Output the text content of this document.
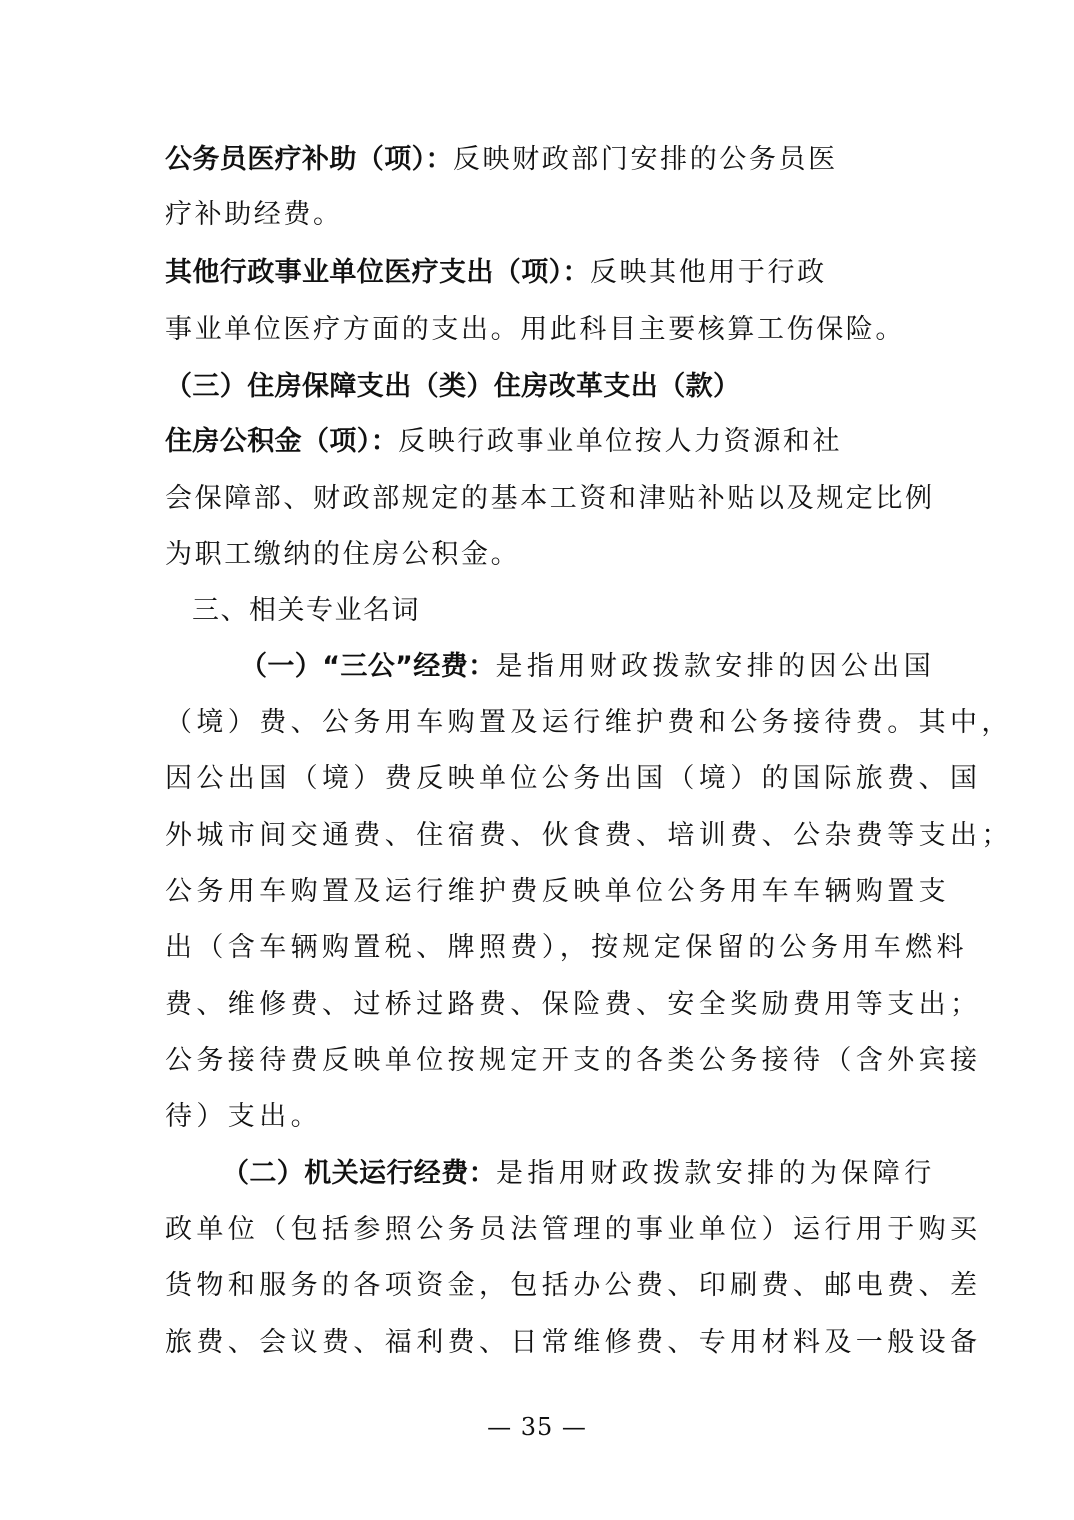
公务员医疗补助（项）：反映财政部门安排的公务员医
疗补助经费。
其他行政事业单位医疗支出（项）：反映其他用于行政
事业单位医疗方面的支出。用此科目主要核算工伤保险。
（三）住房保障支出（类）住房改革支出（款）
住房公积金（项）：反映行政事业单位按人力资源和社
会保障部、财政部规定的基本工资和津贴补贴以及规定比例
为职工缴纳的住房公积金。
三、相关专业名词
（一）“三公”经费：是指用财政拨款安排的因公出国
（境）费、公务用车购置及运行维护费和公务接待费。其中，
因公出国（境）费反映单位公务出国（境）的国际旅费、国
外城市间交通费、住宿费、伙食费、培训费、公杂费等支出；
公务用车购置及运行维护费反映单位公务用车车辆购置支
出（含车辆购置税、牌照费），按规定保留的公务用车燃料
费、维修费、过桥过路费、保险费、安全奖励费用等支出；
公务接待费反映单位按规定开支的各类公务接待（含外宾接
待）支出。
（二）机关运行经费：是指用财政拨款安排的为保障行
政单位（包括参照公务员法管理的事业单位）运行用于购买
货物和服务的各项资金，包括办公费、印刷费、邮电费、差
旅费、会议费、福利费、日常维修费、专用材料及一般设备
— 35 —
